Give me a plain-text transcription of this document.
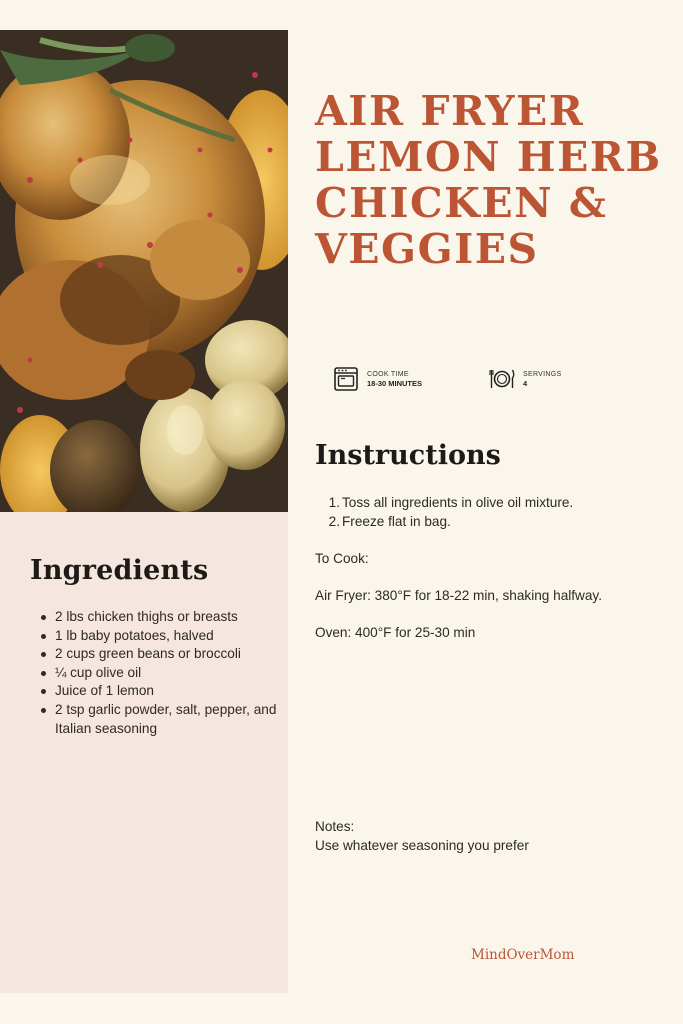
AIR FRYER LEMON HERB CHICKEN & VEGGIES
COOK TIME
18-30 MINUTES
SERVINGS
4
Instructions
1. Toss all ingredients in olive oil mixture.
2. Freeze flat in bag.

To Cook:

Air Fryer: 380°F for 18-22 min, shaking halfway.

Oven: 400°F for 25-30 min

Notes:

Use whatever seasoning you prefer

Ingredients
2 lbs chicken thighs or breasts
1 lb baby potatoes, halved
2 cups green beans or broccoli
¼ cup olive oil
Juice of 1 lemon
2 tsp garlic powder, salt, pepper, and Italian seasoning
MindOverMom
